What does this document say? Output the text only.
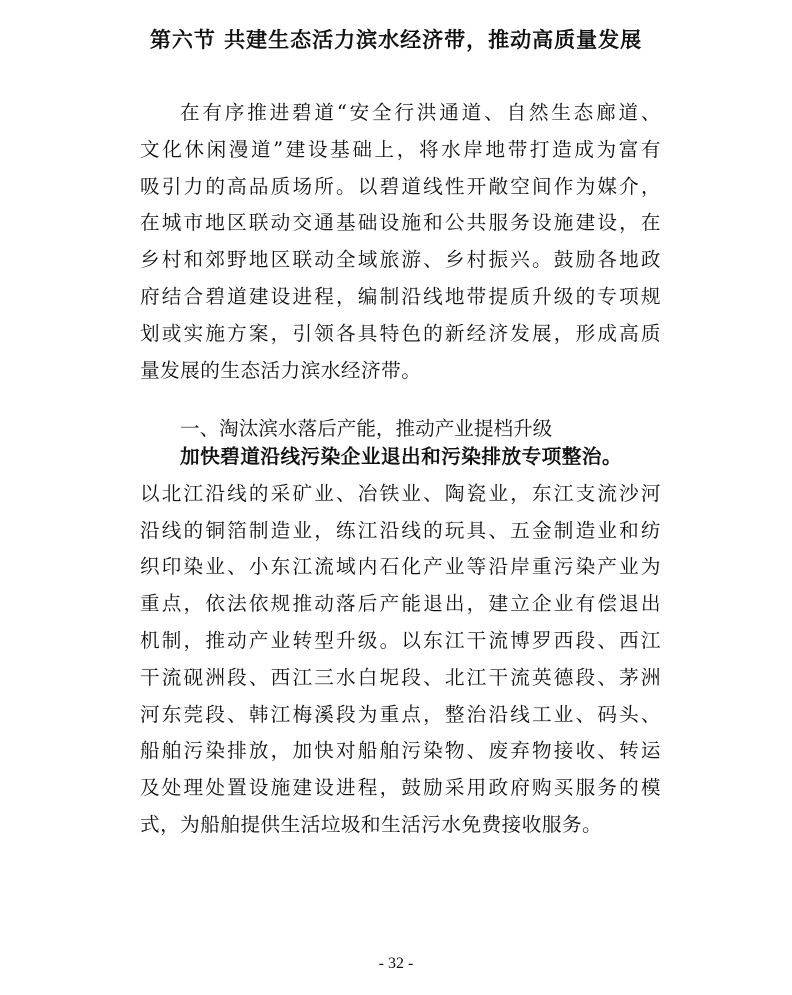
第六节 共建生态活力滨水经济带，推动高质量发展
在有序推进碧道“安全行洪通道、自然生态廊道、
文化休闲漫道”建设基础上，将水岸地带打造成为富有
吸引力的高品质场所。以碧道线性开敞空间作为媒介，
在城市地区联动交通基础设施和公共服务设施建设，在
乡村和郊野地区联动全域旅游、乡村振兴。鼓励各地政
府结合碧道建设进程，编制沿线地带提质升级的专项规
划或实施方案，引领各具特色的新经济发展，形成高质
量发展的生态活力滨水经济带。
一、淘汰滨水落后产能，推动产业提档升级
加快碧道沿线污染企业退出和污染排放专项整治。
以北江沿线的采矿业、冶铁业、陶瓷业，东江支流沙河
沿线的铜箔制造业，练江沿线的玩具、五金制造业和纺
织印染业、小东江流域内石化产业等沿岸重污染产业为
重点，依法依规推动落后产能退出，建立企业有偿退出
机制，推动产业转型升级。以东江干流博罗西段、西江
干流砚洲段、西江三水白坭段、北江干流英德段、茅洲
河东莞段、韩江梅溪段为重点，整治沿线工业、码头、
船舶污染排放，加快对船舶污染物、废弃物接收、转运
及处理处置设施建设进程，鼓励采用政府购买服务的模
式，为船舶提供生活垃圾和生活污水免费接收服务。
- 32 -
